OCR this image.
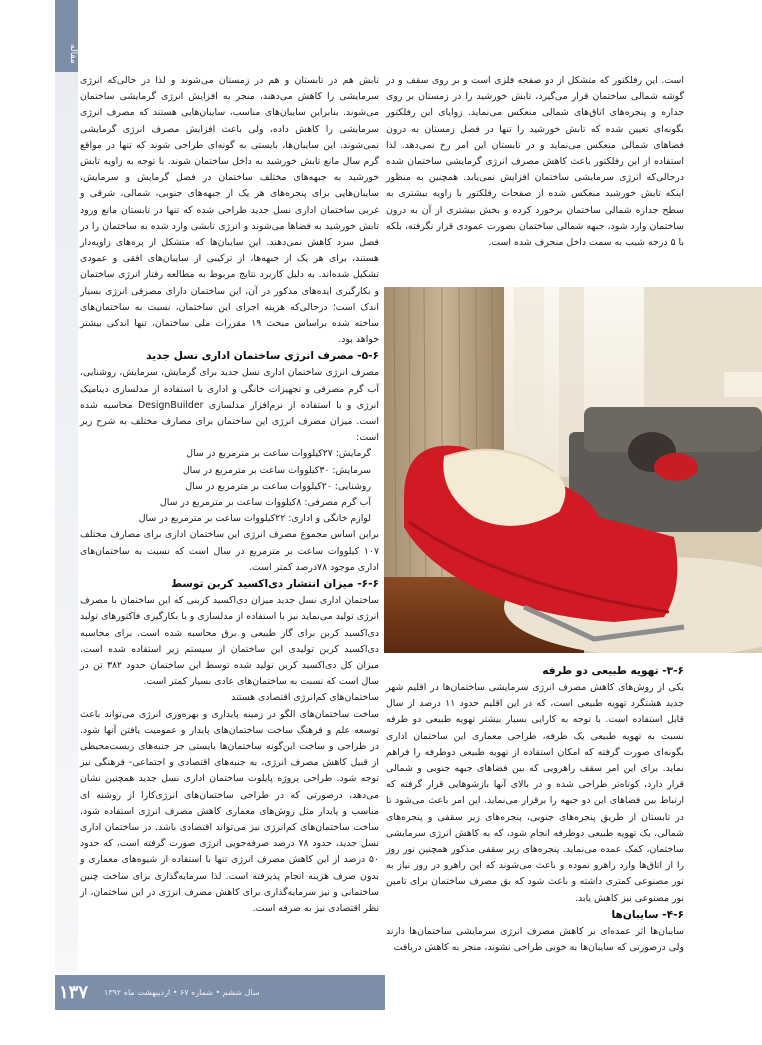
مقاله

است. این رفلکتور که متشکل از دو صفحه فلزی است و بر روی سقف و در گوشه شمالی ساختمان قرار می‌گیرد، تابش خورشید را در زمستان بر روی جداره و پنجره‌های اتاق‌های شمالی منعکس می‌نماید. زوایای این رفلکتور بگونه‌ای تعیین شده که تابش خورشید را تنها در فصل زمستان به درون فضاهای شمالی منعکس می‌نماید و در تابستان این امر رخ نمی‌دهد. لذا استفاده از این رفلکتور باعث کاهش مصرف انرژی گرمایشی ساختمان شده درحالی‌که انرژی سرمایشی ساختمان افزایش نمی‌یابد. همچنین به منظور اینکه تابش خورشید منعکس شده از صفحات رفلکتور با زاویه بیشتری به سطح جداره شمالی ساختمان برخورد کرده و بخش بیشتری از آن به درون ساختمان وارد شود، جبهه شمالی ساختمان بصورت عمودی قرار نگرفته، بلکه با ۵ درجه شیب به سمت داخل منحرف شده است.

۳-۶- تهویه طبیعی دو طرفه

یکی از روش‌های کاهش مصرف انرژی سرمایشی ساختمان‌ها در اقلیم شهر جدید هشتگرد تهویه طبیعی است، که در این اقلیم حدود ۱۱ درصد از سال قابل استفاده است. با توجه به کارایی بسیار بیشتر تهویه طبیعی دو طرفه نسبت به تهویه طبیعی یک طرفه، طراحی معماری این ساختمان اداری بگونه‌ای صورت گرفته که امکان استفاده از تهویه طبیعی دوطرفه را فراهم نماید. برای این امر سقف راهرویی که بین فضاهای جبهه جنوبی و شمالی قرار دارد، کوتاه‌تر طراحی شده و در بالای آنها بازشوهایی قرار گرفته که ارتباط بین فضاهای این دو جبهه را برقرار می‌نماید. این امر باعث می‌شود تا در تابستان از طریق پنجره‌های جنوبی، پنجره‌های زیر سقفی و پنجره‌های شمالی، یک تهویه طبیعی دوطرفه انجام شود، که به کاهش انرژی سرمایشی ساختمان، کمک عمده می‌نماید. پنجره‌های زیر سقفی مذکور همچنین نور روز را از اتاق‌ها وارد راهرو نموده و باعث می‌شوند که این راهرو در روز نیاز به نور مصنوعی کمتری داشته و باعث شود که بق مصرف ساختمان برای تامین نور مصنوعی نیز کاهش یابد.

۴-۶- سایبان‌ها

سایبان‌ها اثر عمده‌ای بر کاهش مصرف انرژی سرمایشی ساختمان‌ها دارند ولی درصورتی که سایبان‌ها به خوبی طراحی نشوند، منجر به کاهش دریافت

تابش هم در تابستان و هم در زمستان می‌شوند و لذا در حالی‌که انرژی سرمایشی را کاهش می‌دهند، منجر به افزایش انرژی گرمایشی ساختمان می‌شوند. بنابراین سایبان‌های مناسب، سایبان‌هایی هستند که مصرف انرژی سرمایشی را کاهش داده، ولی باعث افزایش مصرف انرژی گرمایشی نمی‌شوند. این سایبان‌ها، بایستی به گونه‌ای طراحی شوند که تنها در مواقع گرم سال مانع تابش خورشید به داخل ساختمان شوند. با توجه به زاویه تابش خورشید به جبهه‌های مختلف ساختمان در فصل گرمایش و سرمایش، سایبان‌هایی برای پنجره‌های هر یک از جبهه‌های جنوبی، شمالی، شرقی و غربی ساختمان اداری نسل جدید طراحی شده که تنها در تابستان مانع ورود تابش خورشید به فضاها می‌شوند و انرژی تابشی وارد شده به ساختمان را در فصل سرد کاهش نمی‌دهند. این سایبان‌ها که متشکل از پره‌های زاویه‌دار هستند، برای هر یک از جبهه‌ها، از ترکیبی از سایبان‌های افقی و عمودی تشکیل شده‌اند. به دلیل کاربرد نتایج مربوط به مطالعه رفتار انرژی ساختمان و بکارگیری ایده‌های مذکور در آن، این ساختمان دارای مصرفی انرژی بسیار اندک است؛ درحالی‌که هزینه اجرای این ساختمان، نسبت به ساختمان‌های ساخته شده براساس مبحث ۱۹ مقررات ملی ساختمان، تنها اندکی بیشتر خواهد بود.

۵-۶- مصرف انرژی ساختمان اداری نسل جدید

مصرف انرژی ساختمان اداری نسل جدید برای گرمایش، سرمایش، روشنایی، آب گرم مصرفی و تجهیزات خانگی و اداری با استفاده از مدلسازی دینامیک انرژی و با استفاده از نرم‌افزار مدلسازی DesignBuilder محاسبه شده است. میزان مصرف انرژی این ساختمان برای مصارف مختلف به شرح زیر است:

گرمایش: ۲۷کیلووات ساعت بر مترمربع در سال
سرمایش: ۳۰کیلووات ساعت بر مترمربع در سال
روشنایی: ۲۰کیلووات ساعت بر مترمربع در سال
آب گرم مصرفی: ۸کیلووات ساعت بر مترمربع در سال
لوازم خانگی و اداری: ۲۲کیلووات ساعت بر مترمربع در سال

براین اساس مجموع مصرف انرژی این ساختمان اداری برای مصارف مختلف ۱۰۷ کیلووات ساعت بر مترمربع در سال است که نسبت به ساختمان‌های اداری موجود ۷۸درصد کمتر است.

۶-۶- میزان انتشار دی‌اکسید کربن توسط

ساختمان اداری نسل جدید میزان دی‌اکسید کربنی که این ساختمان با مصرف انرژی تولید می‌نماید نیز با استفاده از مدلسازی و با بکارگیری فاکتورهای تولید دی‌اکسید کربن برای گاز طبیعی و برق محاسبه شده است. برای محاسبه دی‌اکسید کربن تولیدی این ساختمان از سیستم زیر استفاده شده است. میزان کل دی‌اکسید کربن تولید شده توسط این ساختمان حدود ۳۸۲ تن در سال است که نسبت به ساختمان‌های عادی بسیار کمتر است.

ساختمان‌های کم‌انرژی اقتصادی هستند

ساخت ساختمان‌های الگو در زمینه پایداری و بهره‌وری انرژی می‌تواند باعث توسعه علم و فرهنگ ساخت ساختمان‌های پایدار و عمومیت یافتن آنها شود. در طراحی و ساخت این‌گونه ساختمان‌ها بایستی جز جنبه‌های زیست‌محیطی از قبیل کاهش مصرف انرژی، به جنبه‌های اقتصادی و اجتماعی- فرهنگی نیز توجه شود. طراحی پروژه پایلوت ساختمان اداری نسل جدید همچنین نشان می‌دهد، درصورتی که در طراحی ساختمان‌های انرژی‌کارا از روشنه ای مناسب و پایدار مثل روش‌های معماری کاهش مصرف انرژی استفاده شود، ساخت ساختمان‌های کم‌انرژی نیز می‌تواند اقتصادی باشد. در ساختمان اداری نسل جدید، حدود ۷۸ درصد صرفه‌جویی انرژی صورت گرفته است، که حدود ۵۰ درصد از این کاهش مصرف انرژی تنها با استفاده از شیوه‌های معماری و بدون صرف هزینه انجام پذیرفته است. لذا سرمایه‌گذاری برای ساخت چنین ساختمانی و نیز سرمایه‌گذاری برای کاهش مصرف انرژی در این ساختمان، از نظر اقتصادی نیز به صرفه است.

۱۳۷	سال ششم • شماره ۶۷ • اردیبهشت ماه ۱۳۹۲
